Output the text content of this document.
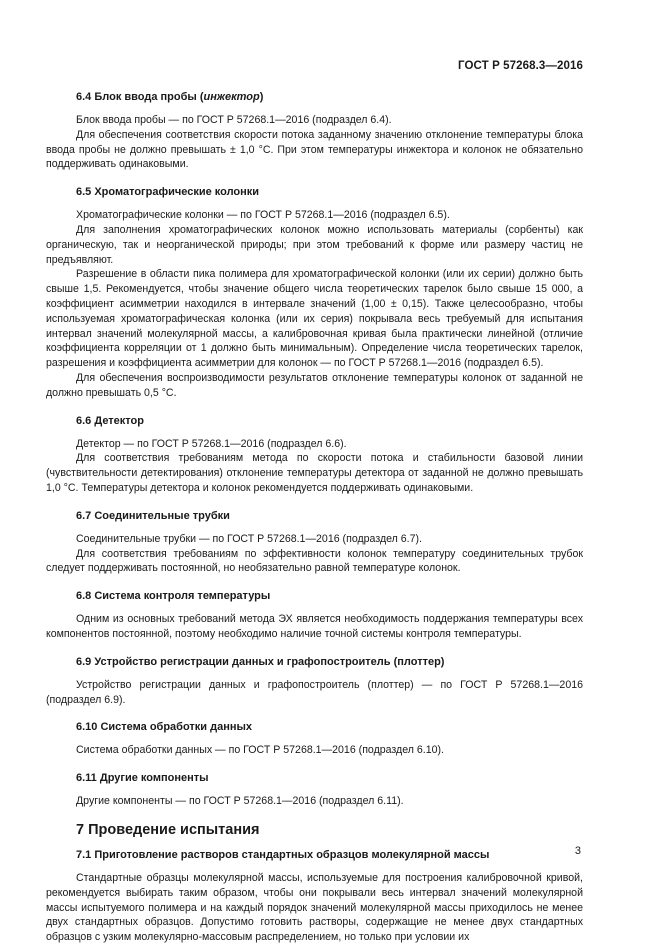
ГОСТ Р 57268.3—2016
6.4 Блок ввода пробы (инжектор)

Блок ввода пробы — по ГОСТ Р 57268.1—2016 (подраздел 6.4).

Для обеспечения соответствия скорости потока заданному значению отклонение температуры блока ввода пробы не должно превышать ± 1,0 °С. При этом температуры инжектора и колонок не обязательно поддерживать одинаковыми.

6.5 Хроматографические колонки

Хроматографические колонки — по ГОСТ Р 57268.1—2016 (подраздел 6.5).

Для заполнения хроматографических колонок можно использовать материалы (сорбенты) как органическую, так и неорганической природы; при этом требований к форме или размеру частиц не предъявляют.

Разрешение в области пика полимера для хроматографической колонки (или их серии) должно быть свыше 1,5. Рекомендуется, чтобы значение общего числа теоретических тарелок было свыше 15 000, а коэффициент асимметрии находился в интервале значений (1,00 ± 0,15). Также целесообразно, чтобы используемая хроматографическая колонка (или их серия) покрывала весь требуемый для испытания интервал значений молекулярной массы, а калибровочная кривая была практически линейной (отличие коэффициента корреляции от 1 должно быть минимальным). Определение числа теоретических тарелок, разрешения и коэффициента асимметрии для колонок — по ГОСТ Р 57268.1—2016 (подраздел 6.5).

Для обеспечения воспроизводимости результатов отклонение температуры колонок от заданной не должно превышать 0,5 °С.

6.6 Детектор

Детектор — по ГОСТ Р 57268.1—2016 (подраздел 6.6).

Для соответствия требованиям метода по скорости потока и стабильности базовой линии (чувствительности детектирования) отклонение температуры детектора от заданной не должно превышать 1,0 °С. Температуры детектора и колонок рекомендуется поддерживать одинаковыми.

6.7 Соединительные трубки

Соединительные трубки — по ГОСТ Р 57268.1—2016 (подраздел 6.7).

Для соответствия требованиям по эффективности колонок температуру соединительных трубок следует поддерживать постоянной, но необязательно равной температуре колонок.

6.8 Система контроля температуры

Одним из основных требований метода ЭХ является необходимость поддержания температуры всех компонентов постоянной, поэтому необходимо наличие точной системы контроля температуры.

6.9 Устройство регистрации данных и графопостроитель (плоттер)

Устройство регистрации данных и графопостроитель (плоттер) — по ГОСТ Р 57268.1—2016 (подраздел 6.9).

6.10 Система обработки данных

Система обработки данных — по ГОСТ Р 57268.1—2016 (подраздел 6.10).

6.11 Другие компоненты

Другие компоненты — по ГОСТ Р 57268.1—2016 (подраздел 6.11).

7 Проведение испытания
7.1 Приготовление растворов стандартных образцов молекулярной массы

Стандартные образцы молекулярной массы, используемые для построения калибровочной кривой, рекомендуется выбирать таким образом, чтобы они покрывали весь интервал значений молекулярной массы испытуемого полимера и на каждый порядок значений молекулярной массы приходилось не менее двух стандартных образцов. Допустимо готовить растворы, содержащие не менее двух стандартных образцов с узким молекулярно-массовым распределением, но только при условии их

3
